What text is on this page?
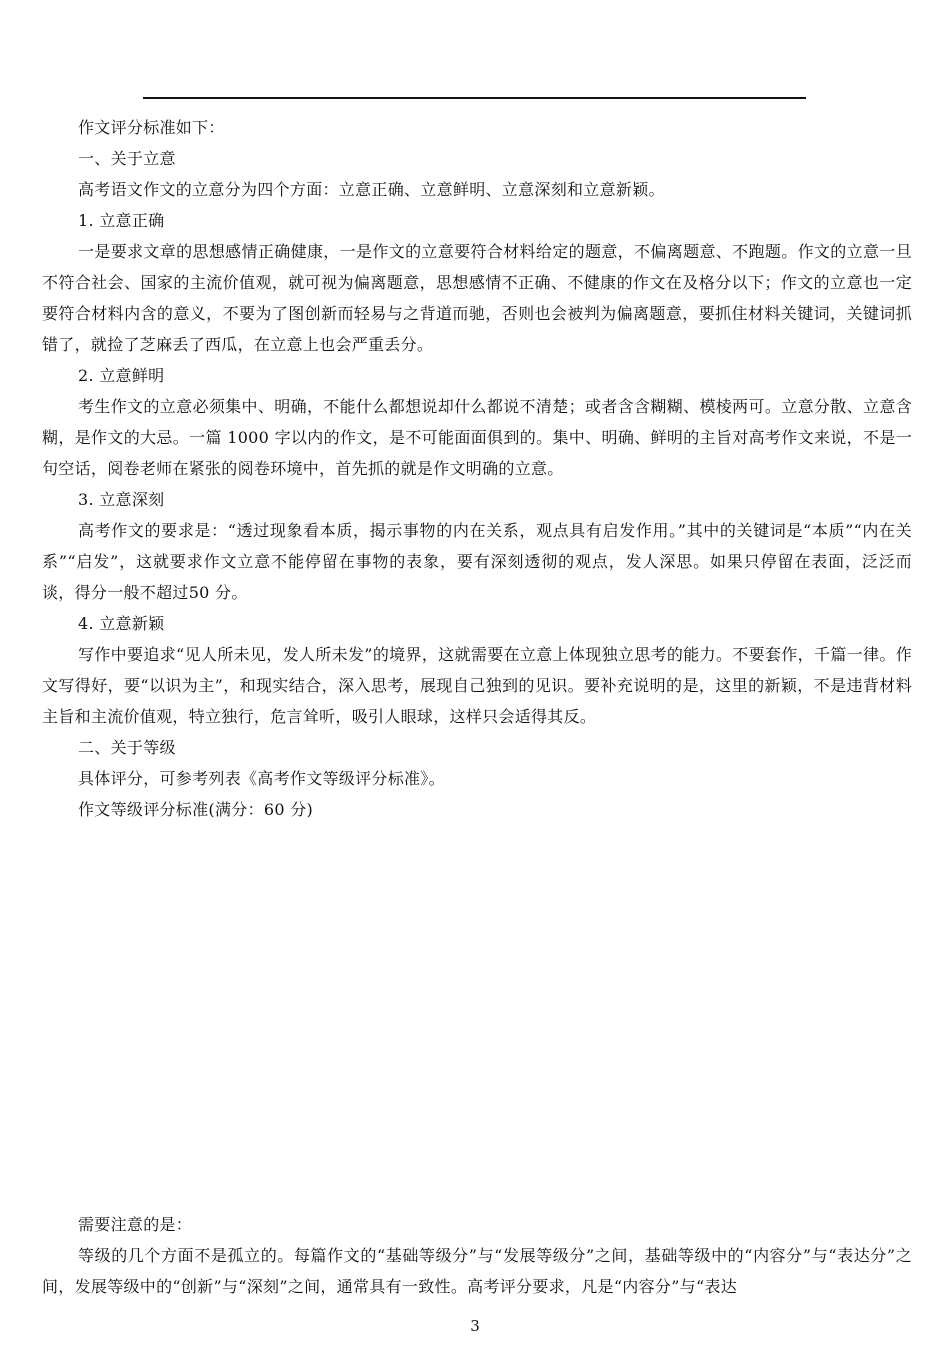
作文评分标准如下：

一、关于立意

高考语文作文的立意分为四个方面：立意正确、立意鲜明、立意深刻和立意新颖。

1. 立意正确

一是要求文章的思想感情正确健康，一是作文的立意要符合材料给定的题意，不偏离题意、不跑题。作文的立意一旦不符合社会、国家的主流价值观，就可视为偏离题意，思想感情不正确、不健康的作文在及格分以下；作文的立意也一定要符合材料内含的意义，不要为了图创新而轻易与之背道而驰，否则也会被判为偏离题意，要抓住材料关键词，关键词抓错了，就捡了芝麻丢了西瓜，在立意上也会严重丢分。

2. 立意鲜明

考生作文的立意必须集中、明确，不能什么都想说却什么都说不清楚；或者含含糊糊、模棱两可。立意分散、立意含糊，是作文的大忌。一篇 1000 字以内的作文，是不可能面面俱到的。集中、明确、鲜明的主旨对高考作文来说，不是一句空话，阅卷老师在紧张的阅卷环境中，首先抓的就是作文明确的立意。

3. 立意深刻

高考作文的要求是：“透过现象看本质，揭示事物的内在关系，观点具有启发作用。”其中的关键词是“本质”“内在关系”“启发”，这就要求作文立意不能停留在事物的表象，要有深刻透彻的观点，发人深思。如果只停留在表面，泛泛而谈，得分一般不超过50 分。

4. 立意新颖

写作中要追求“见人所未见，发人所未发”的境界，这就需要在立意上体现独立思考的能力。不要套作，千篇一律。作文写得好，要“以识为主”，和现实结合，深入思考，展现自己独到的见识。要补充说明的是，这里的新颖，不是违背材料主旨和主流价值观，特立独行，危言耸听，吸引人眼球，这样只会适得其反。

二、关于等级

具体评分，可参考列表《高考作文等级评分标准》。

作文等级评分标准(满分：60 分)

需要注意的是：

等级的几个方面不是孤立的。每篇作文的“基础等级分”与“发展等级分”之间，基础等级中的“内容分”与“表达分”之间，发展等级中的“创新”与“深刻”之间，通常具有一致性。高考评分要求，凡是“内容分”与“表达

3
